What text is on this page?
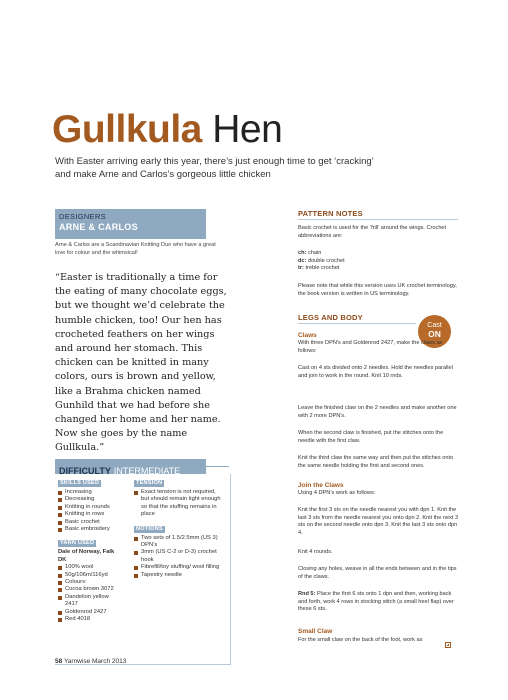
Gullkula Hen
With Easter arriving early this year, there’s just enough time to get ‘cracking’ and make Arne and Carlos’s gorgeous little chicken
DESIGNERS
ARNE & CARLOS
Arne & Carlos are a Scandinavian Knitting Duo who have a great love for colour and the whimsical!
“Easter is traditionally a time for the eating of many chocolate eggs, but we thought we’d celebrate the humble chicken, too! Our hen has crocheted feathers on her wings and around her stomach. This chicken can be knitted in many colors, ours is brown and yellow, like a Brahma chicken named Gunhild that we had before she changed her home and her name. Now she goes by the name Gullkula.”
DIFFICULTY INTERMEDIATE
SKILLS USED
Increasing
Decreasing
Knitting in rounds
Knitting in rows
Basic crochet
Basic embroidery
YARN USED
Dale of Norway, Falk DK
100% wool
50g/106m/116yd
Colours:
Cocoa brown 3072
Dandelion yellow 2417
Goldenrod 2427
Red 4018
TENSION
Exact tension is not required, but should remain tight enough so that the stuffing remains in place
NOTIONS
Two sets of 1.5/2.5mm (US 3) DPN’s
3mm (US C-2 or D-3) crochet hook
Fibrefill/toy stuffing/ wool filling
Tapestry needle
PATTERN NOTES
Basic crochet is used for the ‘frill’ around the wings. Crochet abbreviations are:
ch: chain
dc: double crochet
tr: treble crochet
Please note that while this version uses UK crochet terminology, the book version is written in US terminology.
LEGS AND BODY
Cast
ON
Claws
With three DPN’s and Goldenrod 2427, make the claws as follows:
Cast on 4 sts divided onto 2 needles. Hold the needles parallel and join to work in the round. Knit 10 rnds.
Leave the finished claw on the 2 needles and make another one with 2 more DPN’s.
When the second claw is finished, put the stitches onto the needle with the first claw.
Knit the third claw the same way and then put the stitches onto the same needle holding the first and second ones.
Join the Claws
Using 4 DPN’s work as follows:
Knit the first 3 sts on the needle nearest you with dpn 1. Knit the last 3 sts from the needle nearest you onto dpn 2. Knit the next 3 sts on the second needle onto dpn 3. Knit the last 3 sts onto dpn 4.
Knit 4 rounds.
Closing any holes, weave in all the ends between and in the tips of the claws.
Rnd 5: Place the first 6 sts onto 1 dpn and then, working back and forth, work 4 rows in stocking stitch (a small heel flap) over these 6 sts.
Small Claw
For the small claw on the back of the foot, work as
58 Yarnwise March 2013
